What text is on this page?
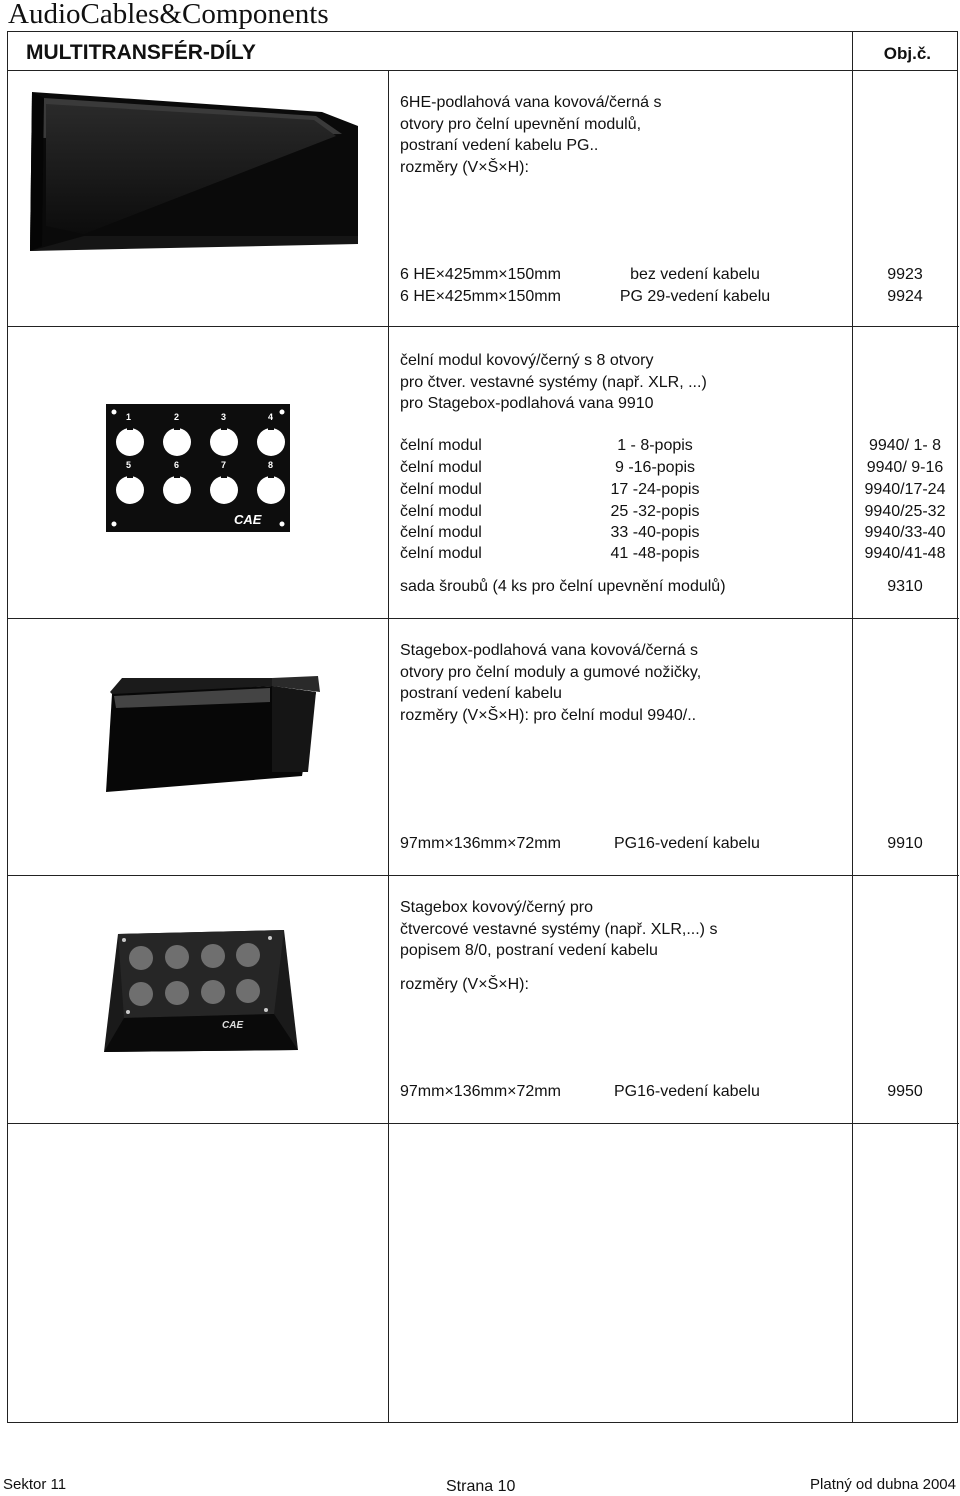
AudioCables&Components
MULTITRANSFÉR-DÍLY	Obj.č.
6HE-podlahová vana kovová/černá s
otvory pro čelní upevnění modulů,
postraní vedení kabelu PG..
rozměry (V×Š×H):
6 HE×425mm×150mm	bez vedení kabelu	9923
6 HE×425mm×150mm	PG 29-vedení kabelu	9924
1	2	3	4
5	6	7	8
CAE
čelní modul kovový/černý s 8 otvory
pro čtver. vestavné systémy (např. XLR, ...)
pro Stagebox-podlahová vana 9910
čelní modul	1 - 8-popis	9940/ 1- 8
čelní modul	9 -16-popis	9940/ 9-16
čelní modul	17 -24-popis	9940/17-24
čelní modul	25 -32-popis	9940/25-32
čelní modul	33 -40-popis	9940/33-40
čelní modul	41 -48-popis	9940/41-48
sada šroubů (4 ks pro čelní upevnění modulů)	9310
Stagebox-podlahová vana kovová/černá s
otvory pro čelní moduly a gumové nožičky,
postraní vedení kabelu
rozměry (V×Š×H): pro čelní modul 9940/..
97mm×136mm×72mm	PG16-vedení kabelu	9910
CAE
Stagebox kovový/černý pro
čtvercové vestavné systémy (např. XLR,...) s
popisem 8/0, postraní vedení kabelu
rozměry (V×Š×H):
97mm×136mm×72mm	PG16-vedení kabelu	9950
Sektor 11	Strana 10	Platný od dubna 2004
